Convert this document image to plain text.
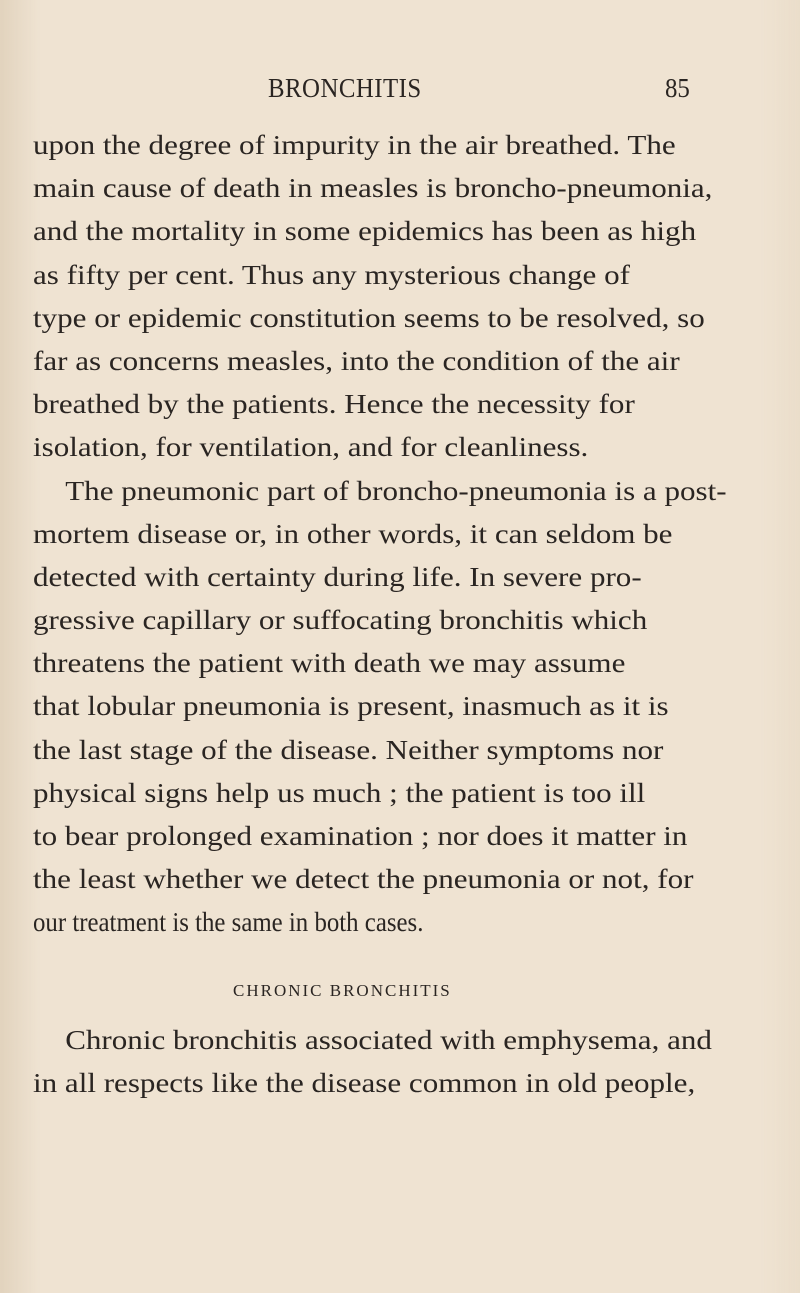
BRONCHITIS	85
upon the degree of impurity in the air breathed. The
main cause of death in measles is broncho-pneumonia,
and the mortality in some epidemics has been as high
as fifty per cent. Thus any mysterious change of
type or epidemic constitution seems to be resolved, so
far as concerns measles, into the condition of the air
breathed by the patients. Hence the necessity for
isolation, for ventilation, and for cleanliness.
The pneumonic part of broncho-pneumonia is a post-
mortem disease or, in other words, it can seldom be
detected with certainty during life. In severe pro-
gressive capillary or suffocating bronchitis which
threatens the patient with death we may assume
that lobular pneumonia is present, inasmuch as it is
the last stage of the disease. Neither symptoms nor
physical signs help us much ; the patient is too ill
to bear prolonged examination ; nor does it matter in
the least whether we detect the pneumonia or not, for
our treatment is the same in both cases.
CHRONIC BRONCHITIS
Chronic bronchitis associated with emphysema, and
in all respects like the disease common in old people,
